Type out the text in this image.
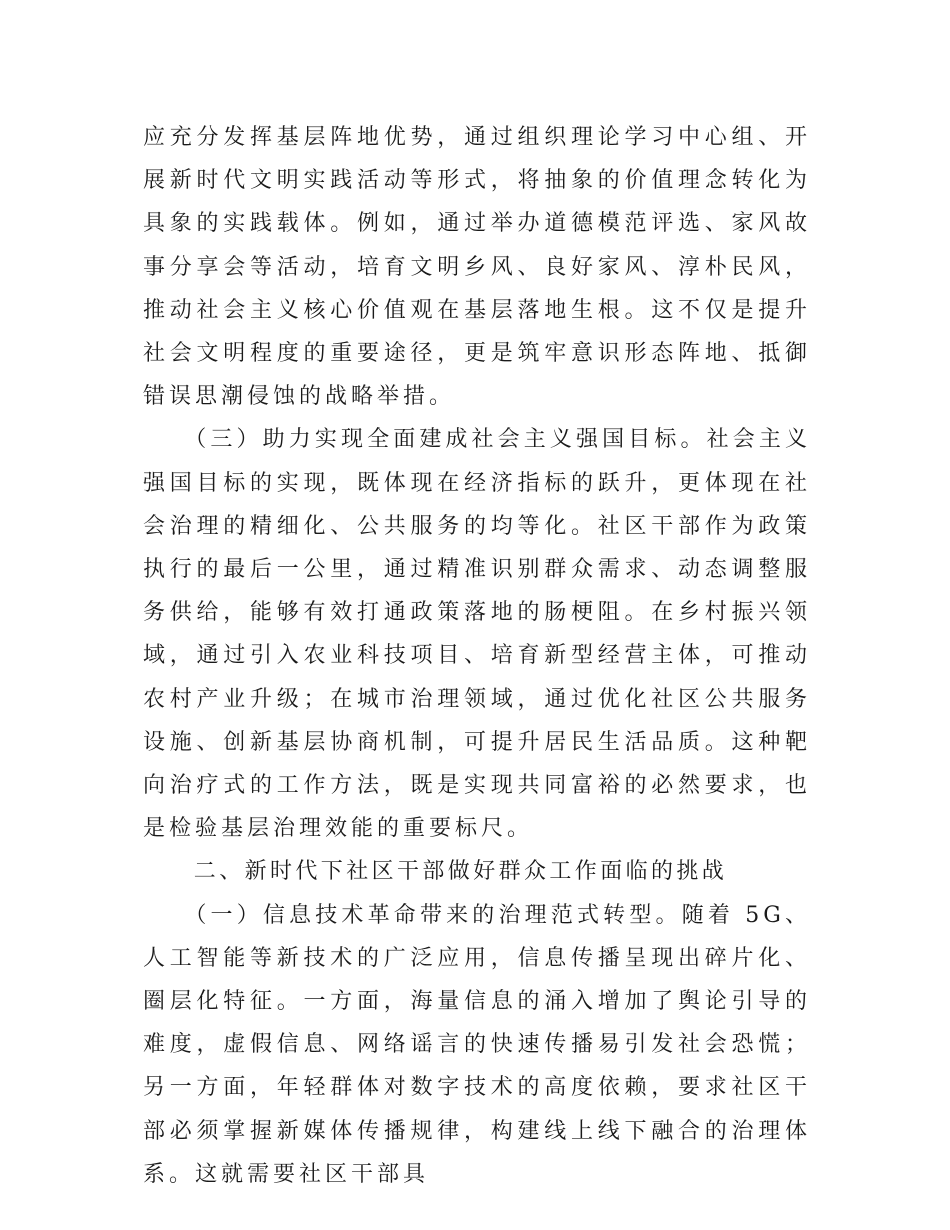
应充分发挥基层阵地优势，通过组织理论学习中心组、开展新时代文明实践活动等形式，将抽象的价值理念转化为具象的实践载体。例如，通过举办道德模范评选、家风故事分享会等活动，培育文明乡风、良好家风、淳朴民风，推动社会主义核心价值观在基层落地生根。这不仅是提升社会文明程度的重要途径，更是筑牢意识形态阵地、抵御错误思潮侵蚀的战略举措。

　　（三）助力实现全面建成社会主义强国目标。社会主义强国目标的实现，既体现在经济指标的跃升，更体现在社会治理的精细化、公共服务的均等化。社区干部作为政策执行的最后一公里，通过精准识别群众需求、动态调整服务供给，能够有效打通政策落地的肠梗阻。在乡村振兴领域，通过引入农业科技项目、培育新型经营主体，可推动农村产业升级；在城市治理领域，通过优化社区公共服务设施、创新基层协商机制，可提升居民生活品质。这种靶向治疗式的工作方法，既是实现共同富裕的必然要求，也是检验基层治理效能的重要标尺。

　　二、新时代下社区干部做好群众工作面临的挑战

　　（一）信息技术革命带来的治理范式转型。随着 5G、人工智能等新技术的广泛应用，信息传播呈现出碎片化、圈层化特征。一方面，海量信息的涌入增加了舆论引导的难度，虚假信息、网络谣言的快速传播易引发社会恐慌；另一方面，年轻群体对数字技术的高度依赖，要求社区干部必须掌握新媒体传播规律，构建线上线下融合的治理体系。这就需要社区干部具
